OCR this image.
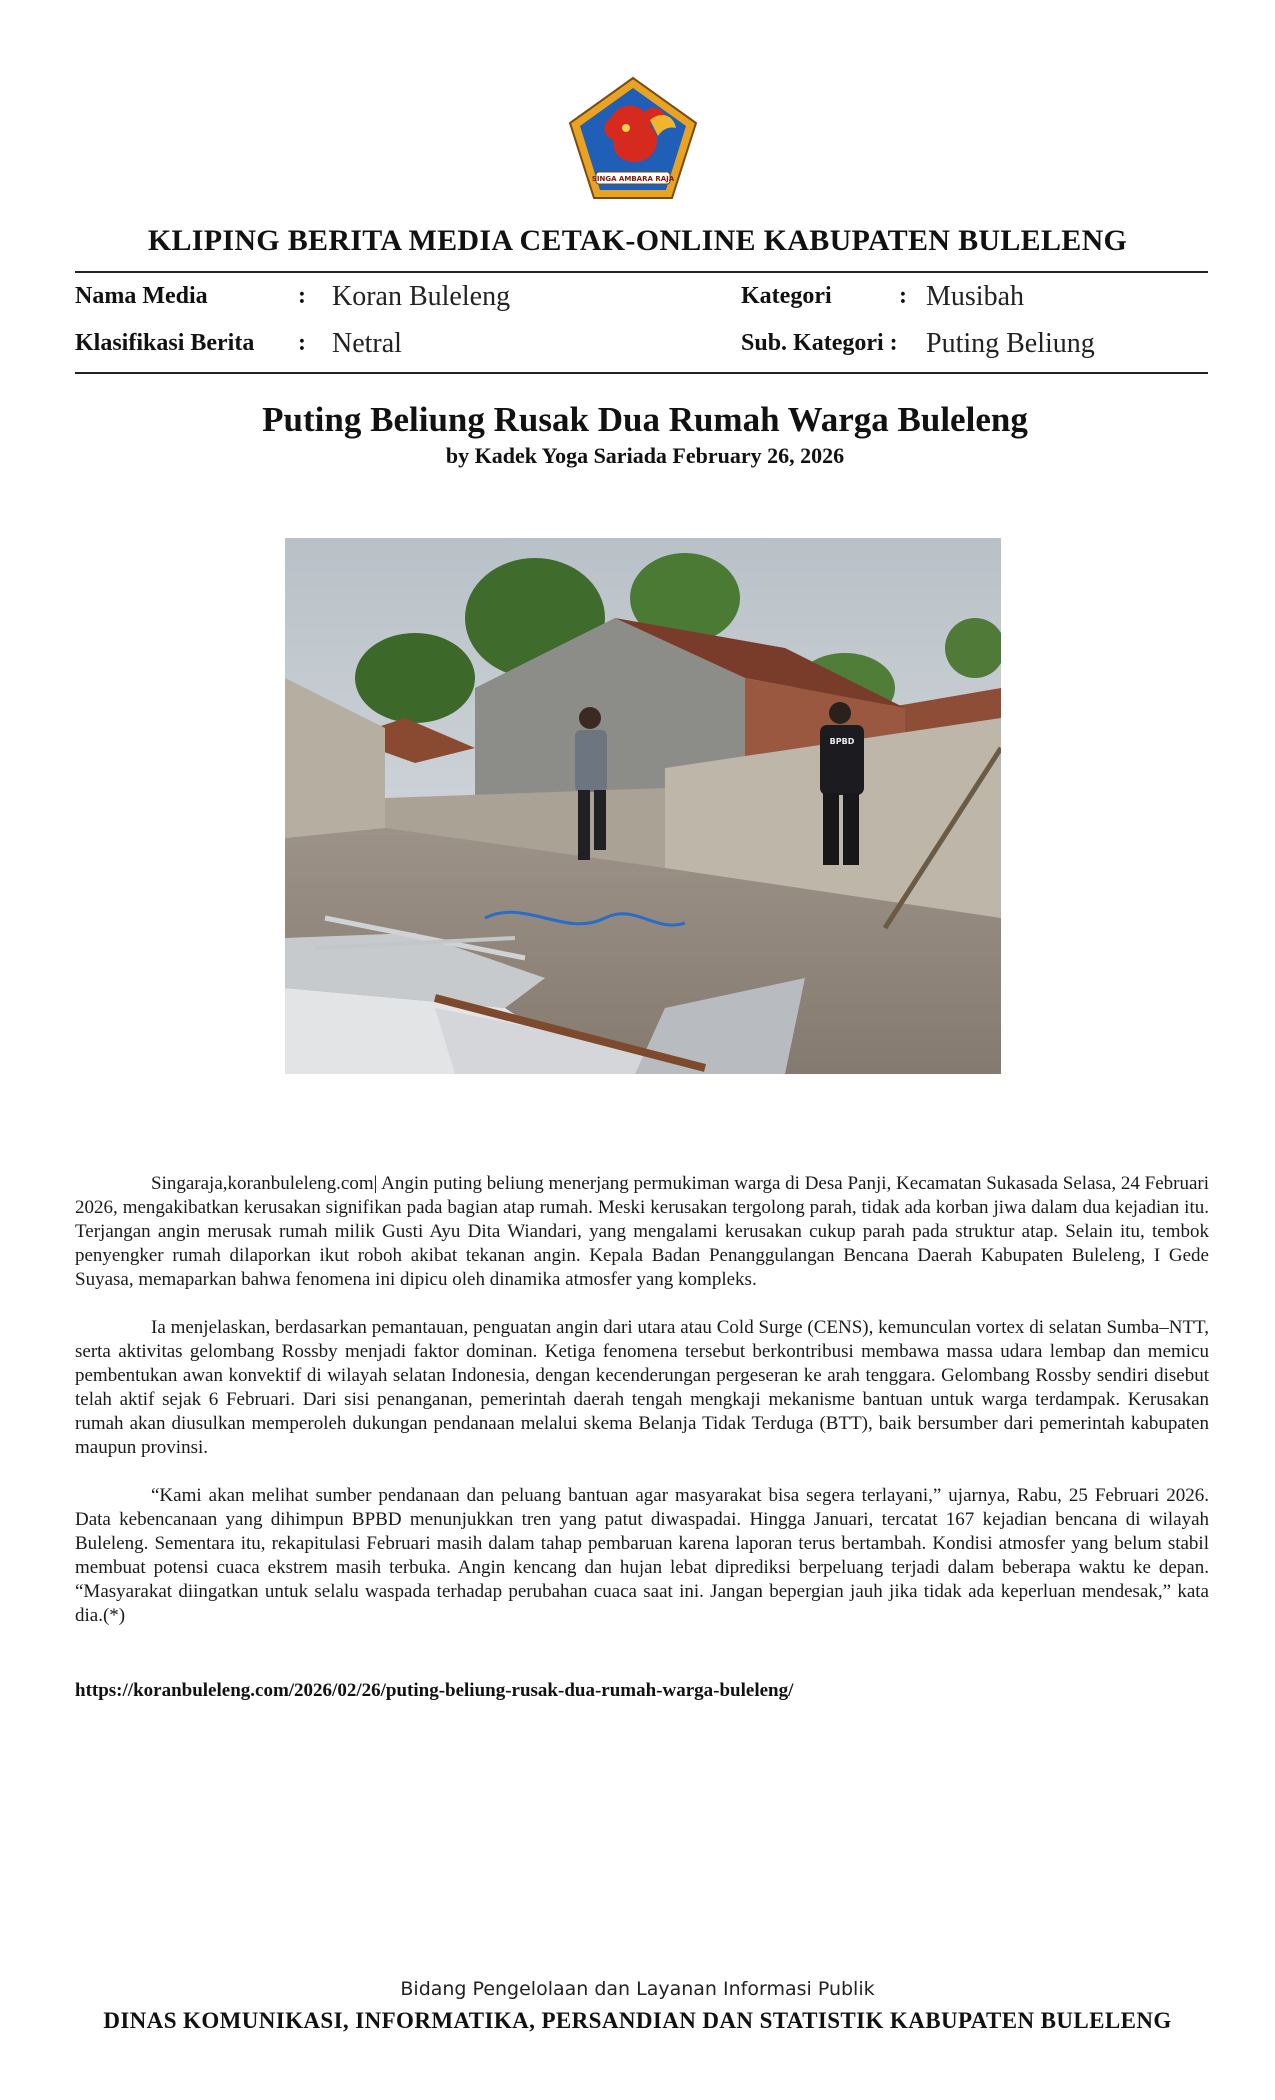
SINGA AMBARA RAJA
KLIPING BERITA MEDIA CETAK-ONLINE KABUPATEN BULELENG
Nama Media	: Koran Buleleng	Kategori	: Musibah
Klasifikasi Berita : Netral	Sub. Kategori : Puting Beliung
Puting Beliung Rusak Dua Rumah Warga Buleleng
by Kadek Yoga Sariada February 26, 2026
BPBD

Singaraja,koranbuleleng.com| Angin puting beliung menerjang permukiman warga di Desa Panji, Kecamatan Sukasada Selasa, 24 Februari 2026, mengakibatkan kerusakan signifikan pada bagian atap rumah. Meski kerusakan tergolong parah, tidak ada korban jiwa dalam dua kejadian itu. Terjangan angin merusak rumah milik Gusti Ayu Dita Wiandari, yang mengalami kerusakan cukup parah pada struktur atap. Selain itu, tembok penyengker rumah dilaporkan ikut roboh akibat tekanan angin. Kepala Badan Penanggulangan Bencana Daerah Kabupaten Buleleng, I Gede Suyasa, memaparkan bahwa fenomena ini dipicu oleh dinamika atmosfer yang kompleks.

Ia menjelaskan, berdasarkan pemantauan, penguatan angin dari utara atau Cold Surge (CENS), kemunculan vortex di selatan Sumba–NTT, serta aktivitas gelombang Rossby menjadi faktor dominan. Ketiga fenomena tersebut berkontribusi membawa massa udara lembap dan memicu pembentukan awan konvektif di wilayah selatan Indonesia, dengan kecenderungan pergeseran ke arah tenggara. Gelombang Rossby sendiri disebut telah aktif sejak 6 Februari. Dari sisi penanganan, pemerintah daerah tengah mengkaji mekanisme bantuan untuk warga terdampak. Kerusakan rumah akan diusulkan memperoleh dukungan pendanaan melalui skema Belanja Tidak Terduga (BTT), baik bersumber dari pemerintah kabupaten maupun provinsi.

“Kami akan melihat sumber pendanaan dan peluang bantuan agar masyarakat bisa segera terlayani,” ujarnya, Rabu, 25 Februari 2026. Data kebencanaan yang dihimpun BPBD menunjukkan tren yang patut diwaspadai. Hingga Januari, tercatat 167 kejadian bencana di wilayah Buleleng. Sementara itu, rekapitulasi Februari masih dalam tahap pembaruan karena laporan terus bertambah. Kondisi atmosfer yang belum stabil membuat potensi cuaca ekstrem masih terbuka. Angin kencang dan hujan lebat diprediksi berpeluang terjadi dalam beberapa waktu ke depan. “Masyarakat diingatkan untuk selalu waspada terhadap perubahan cuaca saat ini. Jangan bepergian jauh jika tidak ada keperluan mendesak,” kata dia.(*)

https://koranbuleleng.com/2026/02/26/puting-beliung-rusak-dua-rumah-warga-buleleng/
Bidang Pengelolaan dan Layanan Informasi Publik
DINAS KOMUNIKASI, INFORMATIKA, PERSANDIAN DAN STATISTIK KABUPATEN BULELENG
